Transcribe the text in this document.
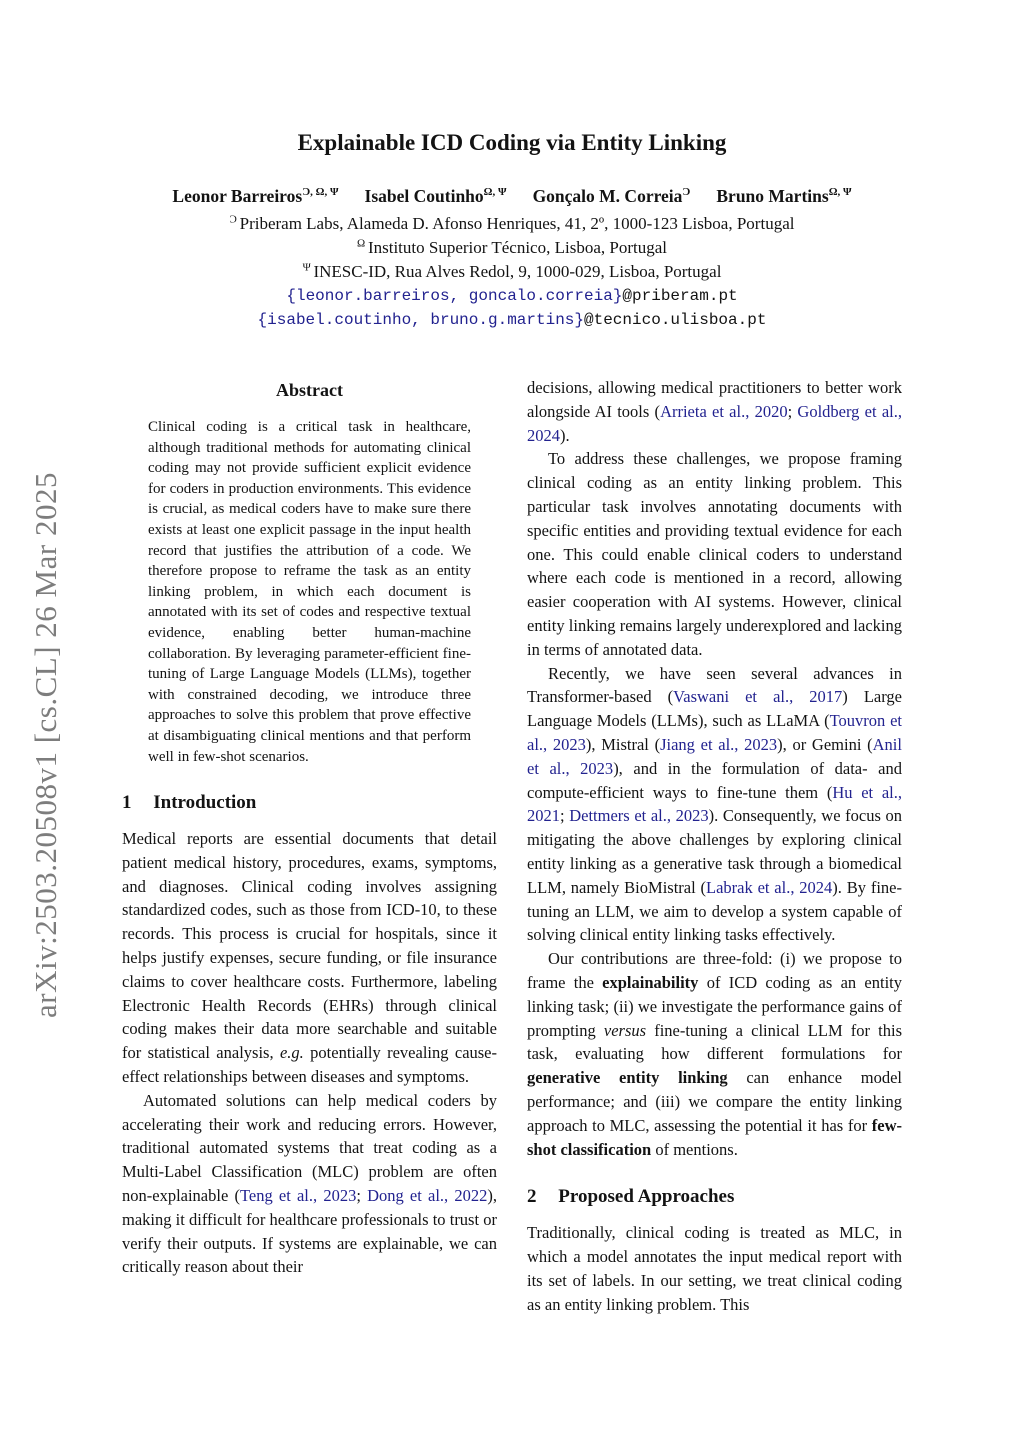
arXiv:2503.20508v1 [cs.CL] 26 Mar 2025
Explainable ICD Coding via Entity Linking
Leonor Barreiros$^{Ɔ, \Omega, \Psi}$ Isabel Coutinho$^{\Omega, \Psi}$ Gonçalo M. Correia$^Ɔ$ Bruno Martins$^{\Omega, \Psi}$
$^Ɔ$ Priberam Labs, Alameda D. Afonso Henriques, 41, 2º, 1000-123 Lisboa, Portugal
$^\Omega$ Instituto Superior Técnico, Lisboa, Portugal
$^\Psi$ INESC-ID, Rua Alves Redol, 9, 1000-029, Lisboa, Portugal
{leonor.barreiros, goncalo.correia}@priberam.pt
{isabel.coutinho, bruno.g.martins}@tecnico.ulisboa.pt
Abstract

Clinical coding is a critical task in healthcare, although traditional methods for automating clinical coding may not provide sufficient explicit evidence for coders in production environments. This evidence is crucial, as medical coders have to make sure there exists at least one explicit passage in the input health record that justifies the attribution of a code. We therefore propose to reframe the task as an entity linking problem, in which each document is annotated with its set of codes and respective textual evidence, enabling better human-machine collaboration. By leveraging parameter-efficient fine-tuning of Large Language Models (LLMs), together with constrained decoding, we introduce three approaches to solve this problem that prove effective at disambiguating clinical mentions and that perform well in few-shot scenarios.

1 Introduction

Medical reports are essential documents that detail patient medical history, procedures, exams, symptoms, and diagnoses. Clinical coding involves assigning standardized codes, such as those from ICD-10, to these records. This process is crucial for hospitals, since it helps justify expenses, secure funding, or file insurance claims to cover healthcare costs. Furthermore, labeling Electronic Health Records (EHRs) through clinical coding makes their data more searchable and suitable for statistical analysis, e.g. potentially revealing cause-effect relationships between diseases and symptoms.

Automated solutions can help medical coders by accelerating their work and reducing errors. However, traditional automated systems that treat coding as a Multi-Label Classification (MLC) problem are often non-explainable (Teng et al., 2023; Dong et al., 2022), making it difficult for healthcare professionals to trust or verify their outputs. If systems are explainable, we can critically reason about their

decisions, allowing medical practitioners to better work alongside AI tools (Arrieta et al., 2020; Goldberg et al., 2024).

To address these challenges, we propose framing clinical coding as an entity linking problem. This particular task involves annotating documents with specific entities and providing textual evidence for each one. This could enable clinical coders to understand where each code is mentioned in a record, allowing easier cooperation with AI systems. However, clinical entity linking remains largely underexplored and lacking in terms of annotated data.

Recently, we have seen several advances in Transformer-based (Vaswani et al., 2017) Large Language Models (LLMs), such as LLaMA (Touvron et al., 2023), Mistral (Jiang et al., 2023), or Gemini (Anil et al., 2023), and in the formulation of data- and compute-efficient ways to fine-tune them (Hu et al., 2021; Dettmers et al., 2023). Consequently, we focus on mitigating the above challenges by exploring clinical entity linking as a generative task through a biomedical LLM, namely BioMistral (Labrak et al., 2024). By fine-tuning an LLM, we aim to develop a system capable of solving clinical entity linking tasks effectively.

Our contributions are three-fold: (i) we propose to frame the explainability of ICD coding as an entity linking task; (ii) we investigate the performance gains of prompting versus fine-tuning a clinical LLM for this task, evaluating how different formulations for generative entity linking can enhance model performance; and (iii) we compare the entity linking approach to MLC, assessing the potential it has for few-shot classification of mentions.

2 Proposed Approaches

Traditionally, clinical coding is treated as MLC, in which a model annotates the input medical report with its set of labels. In our setting, we treat clinical coding as an entity linking problem. This
